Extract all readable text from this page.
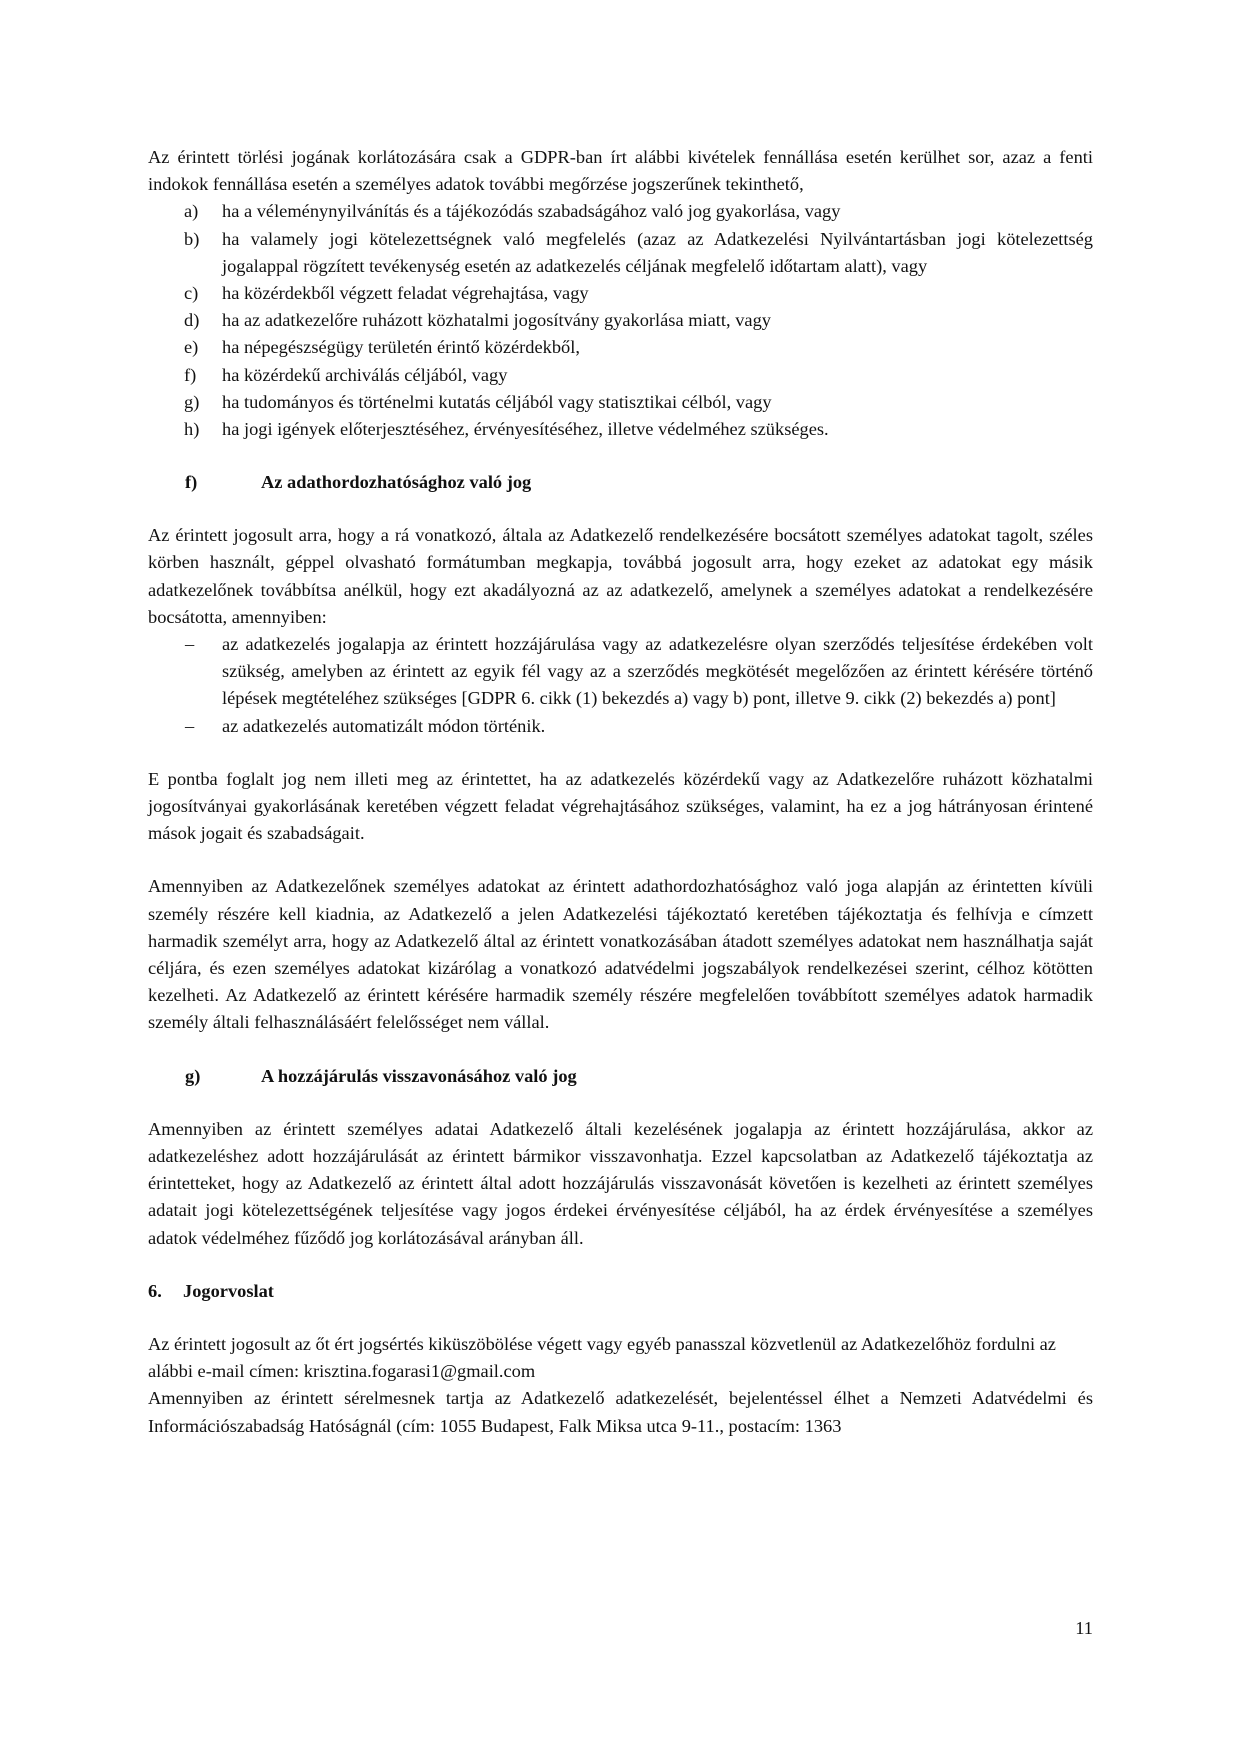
Az érintett törlési jogának korlátozására csak a GDPR-ban írt alábbi kivételek fennállása esetén kerülhet sor, azaz a fenti indokok fennállása esetén a személyes adatok további megőrzése jogszerűnek tekinthető,

a) ha a véleménynyilvánítás és a tájékozódás szabadságához való jog gyakorlása, vagy
b) ha valamely jogi kötelezettségnek való megfelelés (azaz az Adatkezelési Nyilvántartásban jogi kötelezettség jogalappal rögzített tevékenység esetén az adatkezelés céljának megfelelő időtartam alatt), vagy
c) ha közérdekből végzett feladat végrehajtása, vagy
d) ha az adatkezelőre ruházott közhatalmi jogosítvány gyakorlása miatt, vagy
e) ha népegészségügy területén érintő közérdekből,
f) ha közérdekű archiválás céljából, vagy
g) ha tudományos és történelmi kutatás céljából vagy statisztikai célból, vagy
h) ha jogi igények előterjesztéséhez, érvényesítéséhez, illetve védelméhez szükséges.
f)	Az adathordozhatósághoz való jog

Az érintett jogosult arra, hogy a rá vonatkozó, általa az Adatkezelő rendelkezésére bocsátott személyes adatokat tagolt, széles körben használt, géppel olvasható formátumban megkapja, továbbá jogosult arra, hogy ezeket az adatokat egy másik adatkezelőnek továbbítsa anélkül, hogy ezt akadályozná az az adatkezelő, amelynek a személyes adatokat a rendelkezésére bocsátotta, amennyiben:

– az adatkezelés jogalapja az érintett hozzájárulása vagy az adatkezelésre olyan szerződés teljesítése érdekében volt szükség, amelyben az érintett az egyik fél vagy az a szerződés megkötését megelőzően az érintett kérésére történő lépések megtételéhez szükséges [GDPR 6. cikk (1) bekezdés a) vagy b) pont, illetve 9. cikk (2) bekezdés a) pont]
– az adatkezelés automatizált módon történik.

E pontba foglalt jog nem illeti meg az érintettet, ha az adatkezelés közérdekű vagy az Adatkezelőre ruházott közhatalmi jogosítványai gyakorlásának keretében végzett feladat végrehajtásához szükséges, valamint, ha ez a jog hátrányosan érintené mások jogait és szabadságait.

Amennyiben az Adatkezelőnek személyes adatokat az érintett adathordozhatósághoz való joga alapján az érintetten kívüli személy részére kell kiadnia, az Adatkezelő a jelen Adatkezelési tájékoztató keretében tájékoztatja és felhívja e címzett harmadik személyt arra, hogy az Adatkezelő által az érintett vonatkozásában átadott személyes adatokat nem használhatja saját céljára, és ezen személyes adatokat kizárólag a vonatkozó adatvédelmi jogszabályok rendelkezései szerint, célhoz kötötten kezelheti. Az Adatkezelő az érintett kérésére harmadik személy részére megfelelően továbbított személyes adatok harmadik személy általi felhasználásáért felelősséget nem vállal.

g)	A hozzájárulás visszavonásához való jog

Amennyiben az érintett személyes adatai Adatkezelő általi kezelésének jogalapja az érintett hozzájárulása, akkor az adatkezeléshez adott hozzájárulását az érintett bármikor visszavonhatja. Ezzel kapcsolatban az Adatkezelő tájékoztatja az érintetteket, hogy az Adatkezelő az érintett által adott hozzájárulás visszavonását követően is kezelheti az érintett személyes adatait jogi kötelezettségének teljesítése vagy jogos érdekei érvényesítése céljából, ha az érdek érvényesítése a személyes adatok védelméhez fűződő jog korlátozásával arányban áll.

6. Jogorvoslat

Az érintett jogosult az őt ért jogsértés kiküszöbölése végett vagy egyéb panasszal közvetlenül az Adatkezelőhöz fordulni az alábbi e-mail címen: krisztina.fogarasi1@gmail.com

Amennyiben az érintett sérelmesnek tartja az Adatkezelő adatkezelését, bejelentéssel élhet a Nemzeti Adatvédelmi és Információszabadság Hatóságnál (cím: 1055 Budapest, Falk Miksa utca 9-11., postacím: 1363

11
